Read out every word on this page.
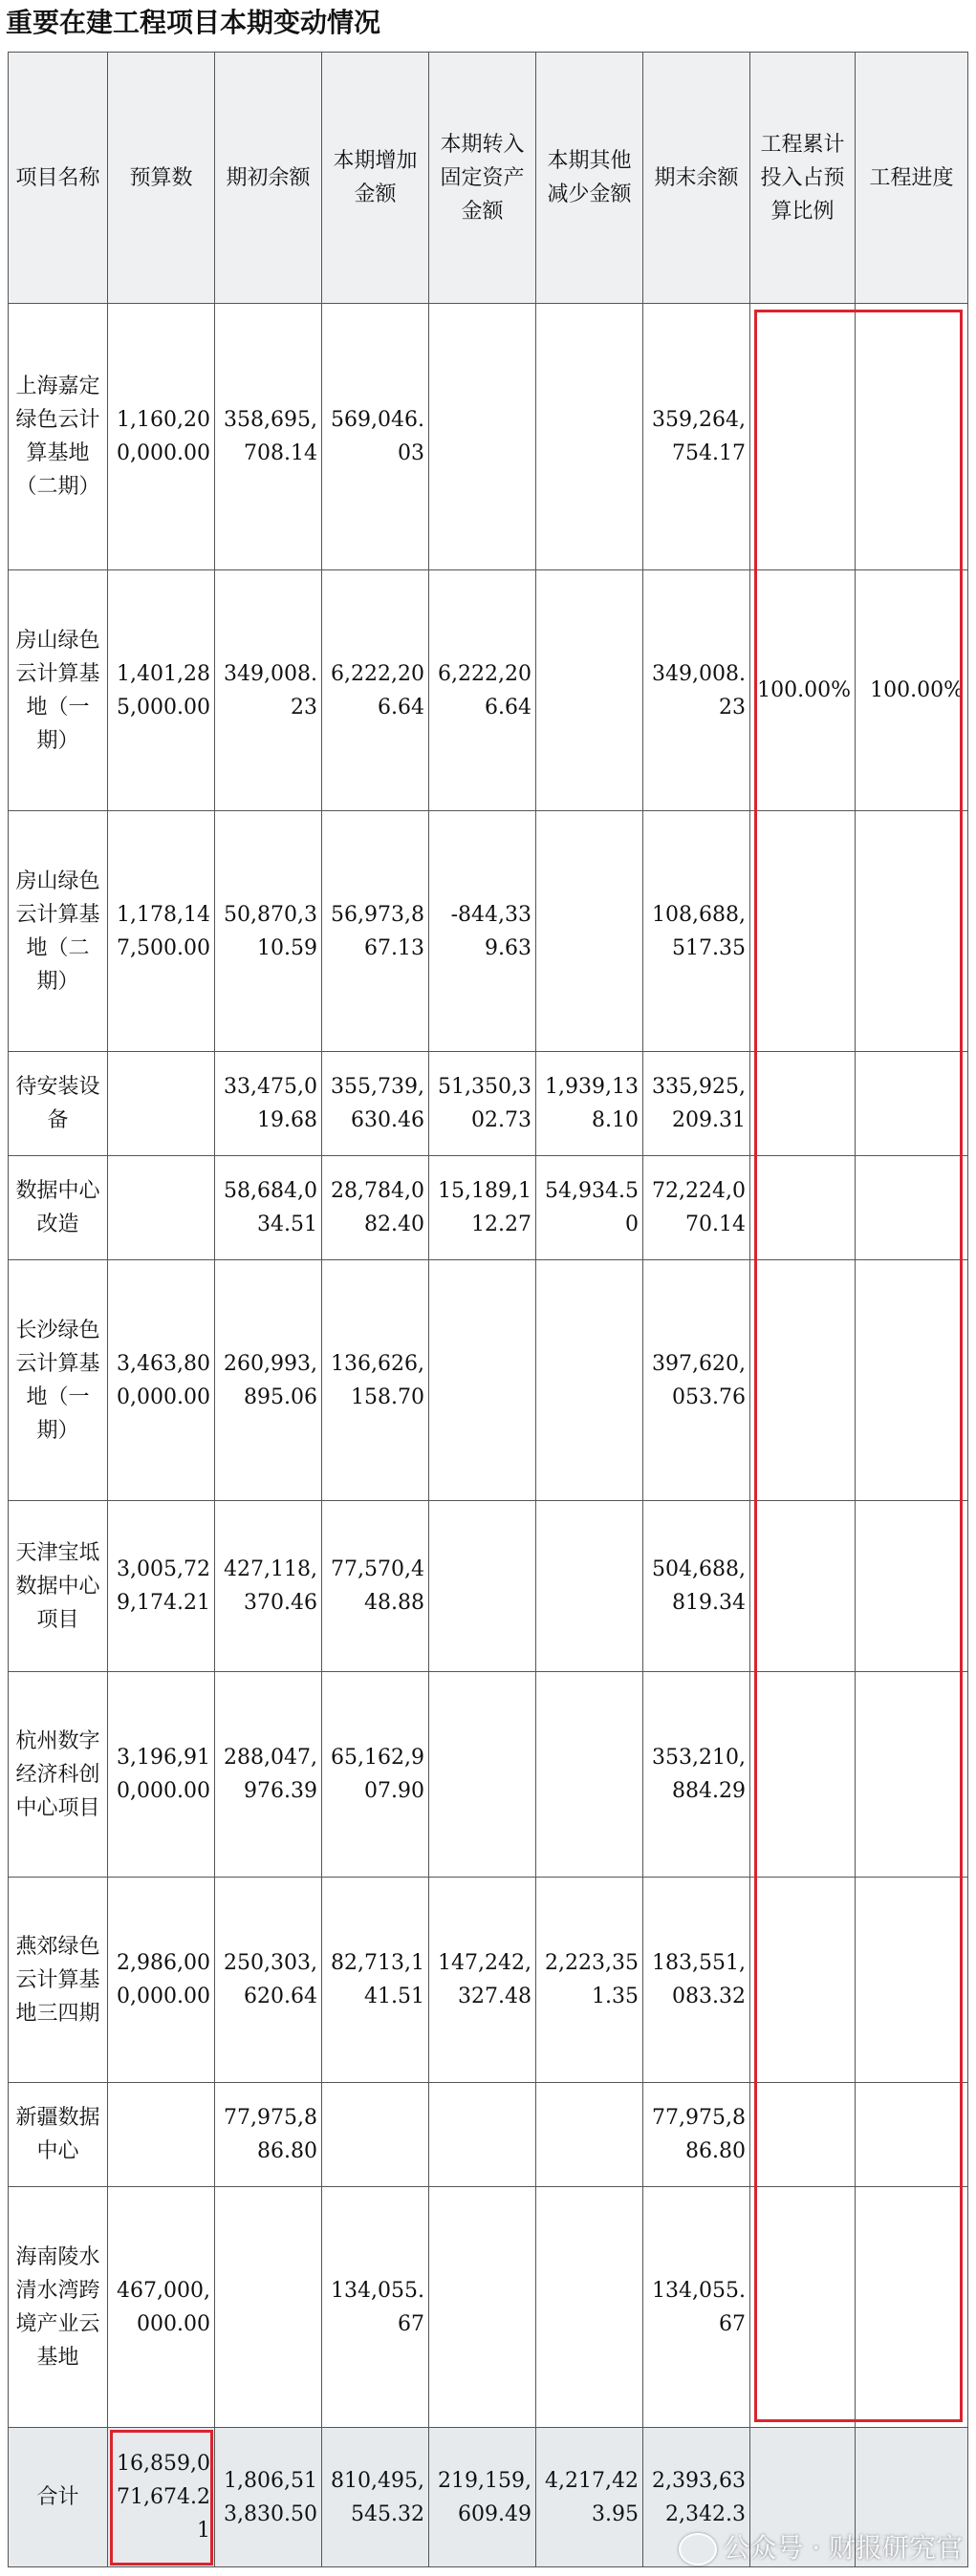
重要在建工程项目本期变动情况
项目名称	预算数	期初余额	本期增加金额	本期转入固定资产金额	本期其他减少金额	期末余额	工程累计投入占预算比例	工程进度
上海嘉定绿色云计算基地（二期）	1,160,200,000.00	358,695,708.14	569,046.03			359,264,754.17		
房山绿色云计算基地（一期）	1,401,285,000.00	349,008.23	6,222,206.64	6,222,206.64		349,008.23	100.00%	100.00%
房山绿色云计算基地（二期）	1,178,147,500.00	50,870,310.59	56,973,867.13	-844,339.63		108,688,517.35		
待安装设备		33,475,019.68	355,739,630.46	51,350,302.73	1,939,138.10	335,925,209.31		
数据中心改造		58,684,034.51	28,784,082.40	15,189,112.27	54,934.50	72,224,070.14		
长沙绿色云计算基地（一期）	3,463,800,000.00	260,993,895.06	136,626,158.70			397,620,053.76		
天津宝坻数据中心项目	3,005,729,174.21	427,118,370.46	77,570,448.88			504,688,819.34		
杭州数字经济科创中心项目	3,196,910,000.00	288,047,976.39	65,162,907.90			353,210,884.29		
燕郊绿色云计算基地三四期	2,986,000,000.00	250,303,620.64	82,713,141.51	147,242,327.48	2,223,351.35	183,551,083.32		
新疆数据中心		77,975,886.80				77,975,886.80		
海南陵水清水湾跨境产业云基地	467,000,000.00		134,055.67			134,055.67		
合计	16,859,071,674.21	1,806,513,830.50	810,495,545.32	219,159,609.49	4,217,423.95	2,393,632,342.3		
公众号 · 财报研究官
